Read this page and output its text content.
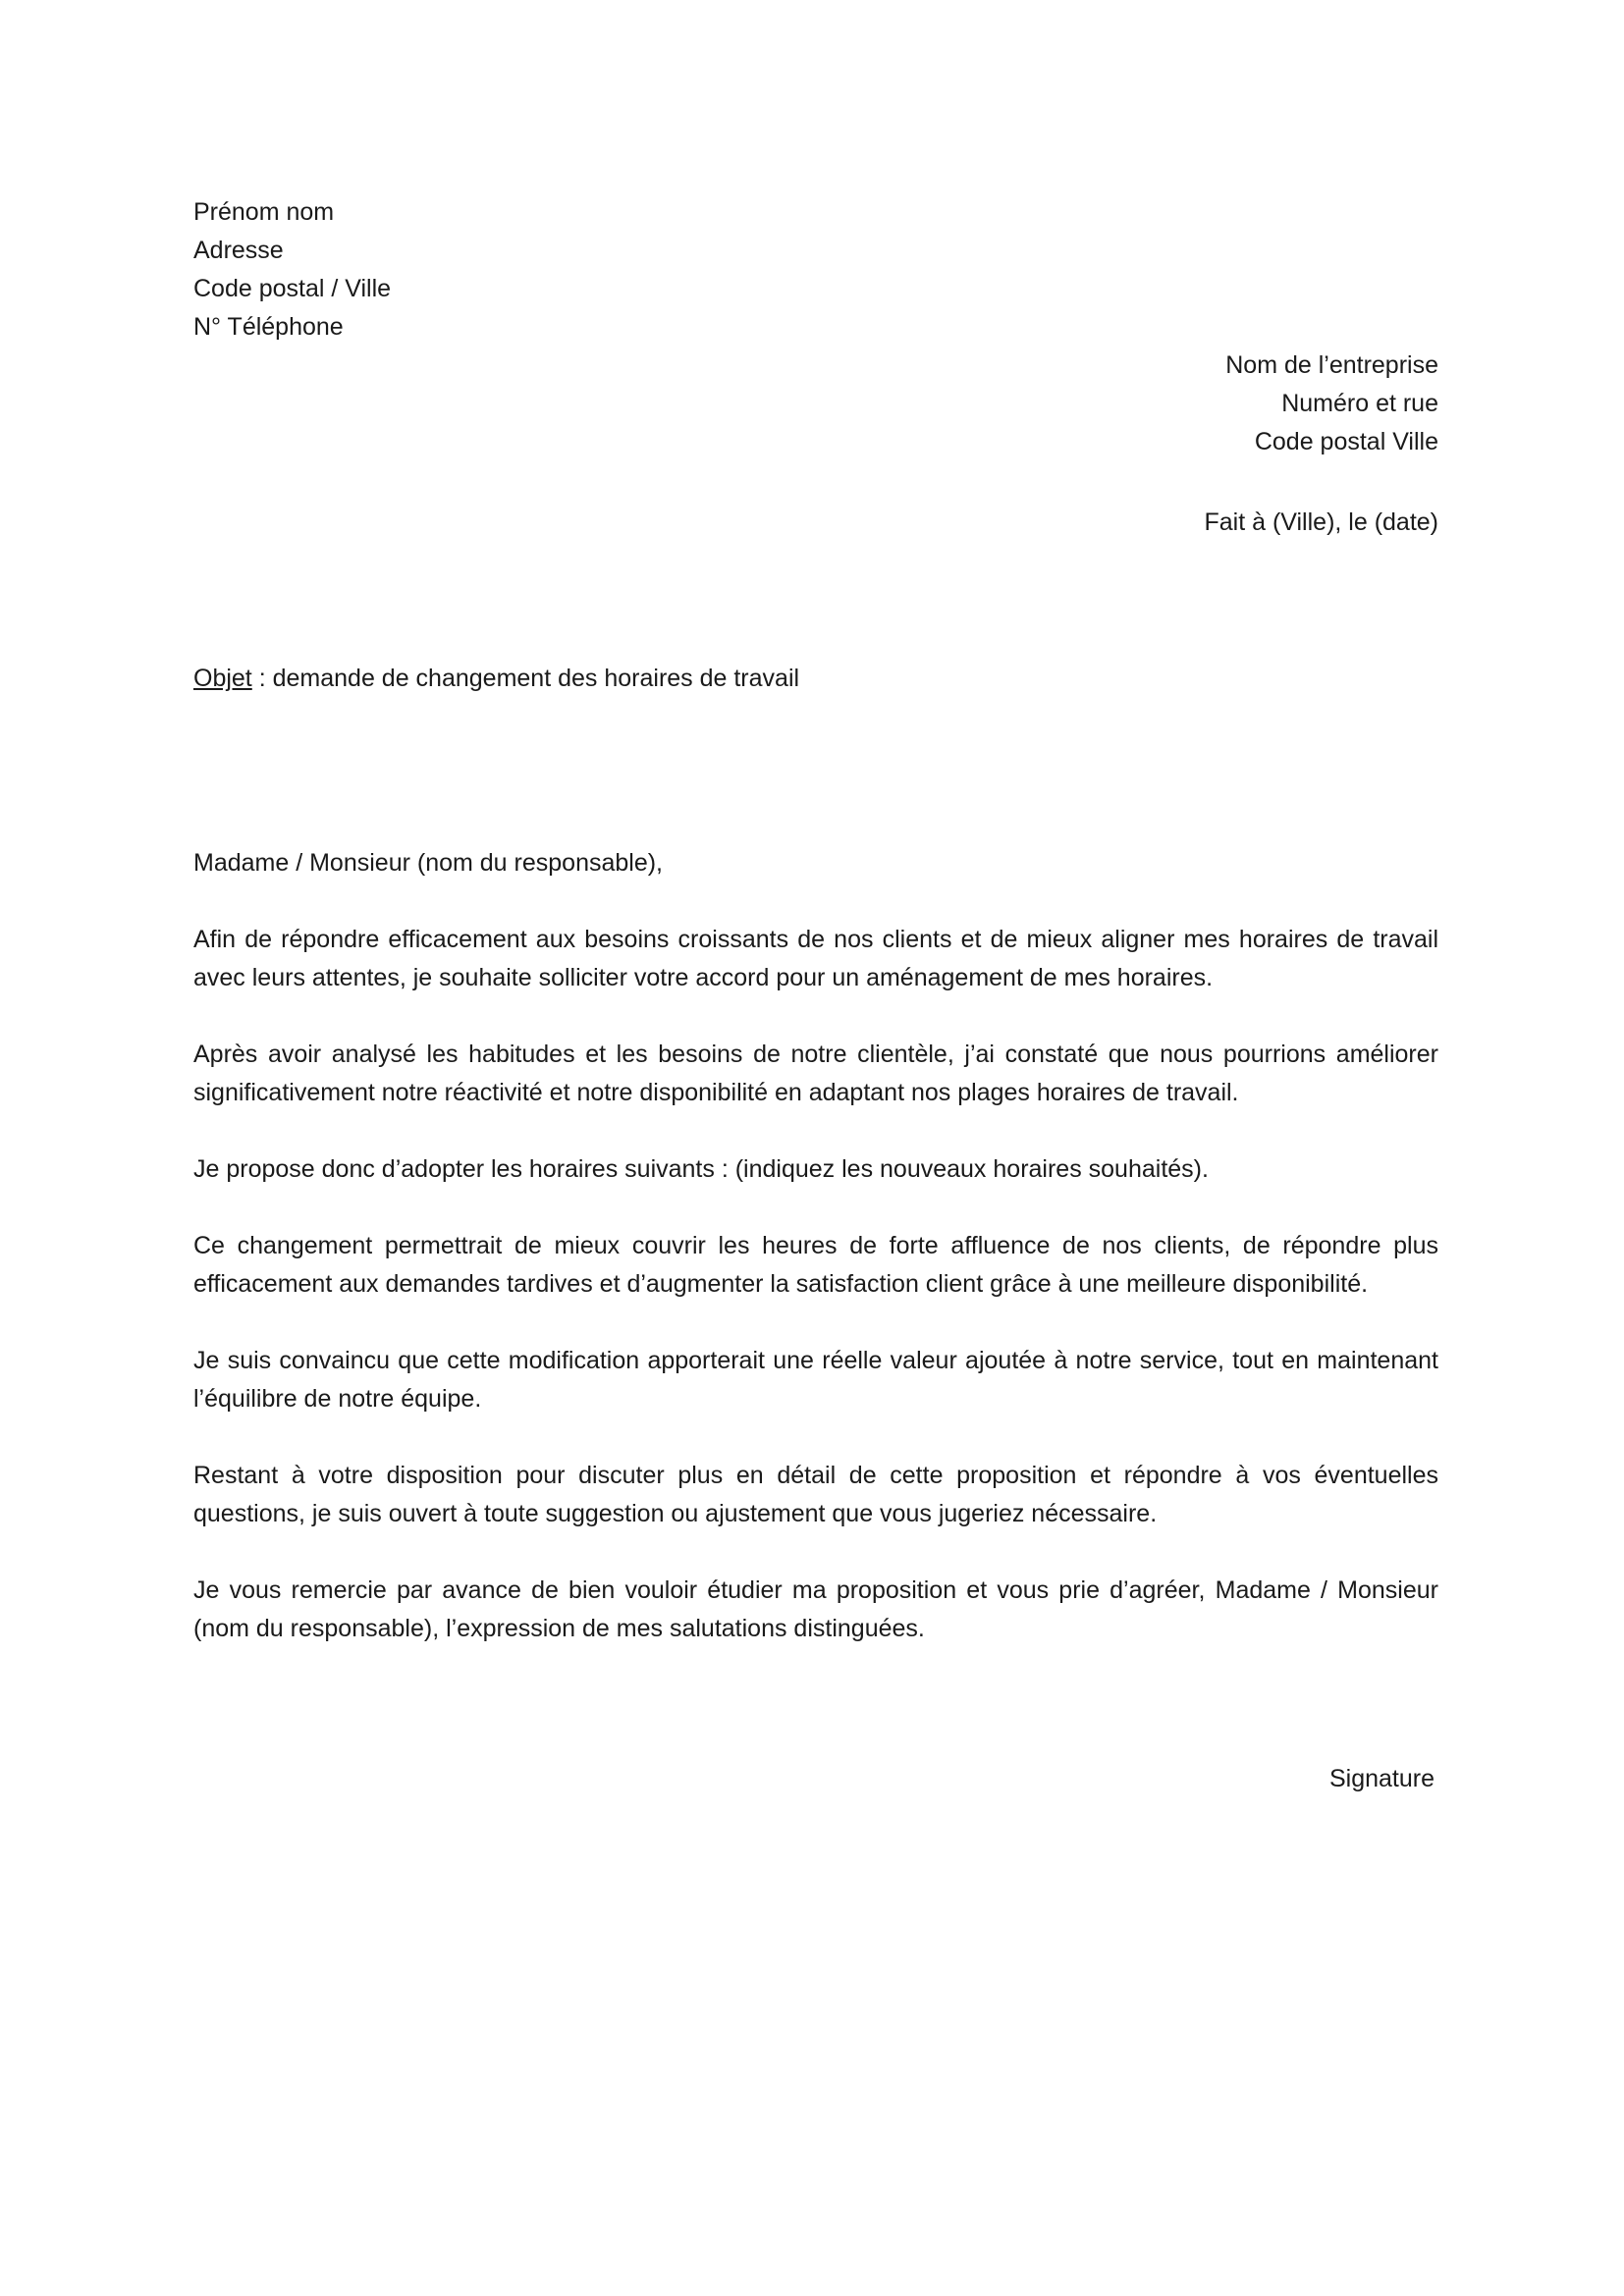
Prénom nom
Adresse
Code postal / Ville
N° Téléphone
Nom de l’entreprise
Numéro et rue
Code postal Ville
Fait à (Ville), le (date)
Objet : demande de changement des horaires de travail
Madame / Monsieur (nom du responsable),
Afin de répondre efficacement aux besoins croissants de nos clients et de mieux aligner mes horaires de travail avec leurs attentes, je souhaite solliciter votre accord pour un aménagement de mes horaires.
Après avoir analysé les habitudes et les besoins de notre clientèle, j’ai constaté que nous pourrions améliorer significativement notre réactivité et notre disponibilité en adaptant nos plages horaires de travail.
Je propose donc d’adopter les horaires suivants : (indiquez les nouveaux horaires souhaités).
Ce changement permettrait de mieux couvrir les heures de forte affluence de nos clients, de répondre plus efficacement aux demandes tardives et d’augmenter la satisfaction client grâce à une meilleure disponibilité.
Je suis convaincu que cette modification apporterait une réelle valeur ajoutée à notre service, tout en maintenant l’équilibre de notre équipe.
Restant à votre disposition pour discuter plus en détail de cette proposition et répondre à vos éventuelles questions, je suis ouvert à toute suggestion ou ajustement que vous jugeriez nécessaire.
Je vous remercie par avance de bien vouloir étudier ma proposition et vous prie d’agréer, Madame / Monsieur (nom du responsable), l’expression de mes salutations distinguées.
Signature
